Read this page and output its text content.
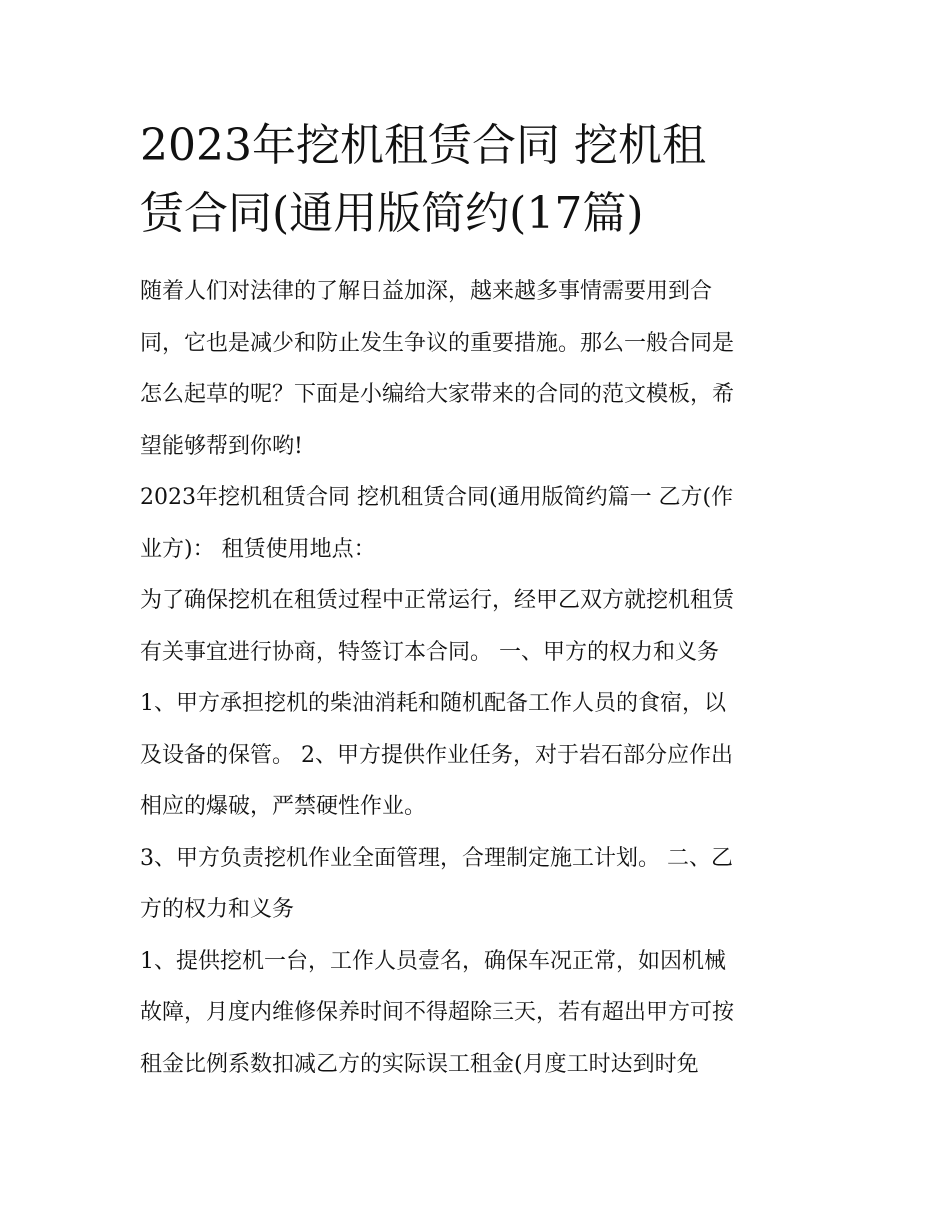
2023年挖机租赁合同 挖机租
赁合同(通用版简约(17篇)
随着人们对法律的了解日益加深，越来越多事情需要用到合
同，它也是减少和防止发生争议的重要措施。那么一般合同是
怎么起草的呢？下面是小编给大家带来的合同的范文模板，希
望能够帮到你哟!
2023年挖机租赁合同 挖机租赁合同(通用版简约篇一 乙方(作
业方)： 租赁使用地点：
为了确保挖机在租赁过程中正常运行，经甲乙双方就挖机租赁
有关事宜进行协商，特签订本合同。 一、甲方的权力和义务
1、甲方承担挖机的柴油消耗和随机配备工作人员的食宿，以
及设备的保管。 2、甲方提供作业任务，对于岩石部分应作出
相应的爆破，严禁硬性作业。
3、甲方负责挖机作业全面管理，合理制定施工计划。 二、乙
方的权力和义务
1、提供挖机一台，工作人员壹名，确保车况正常，如因机械
故障，月度内维修保养时间不得超除三天，若有超出甲方可按
租金比例系数扣减乙方的实际误工租金(月度工时达到时免
